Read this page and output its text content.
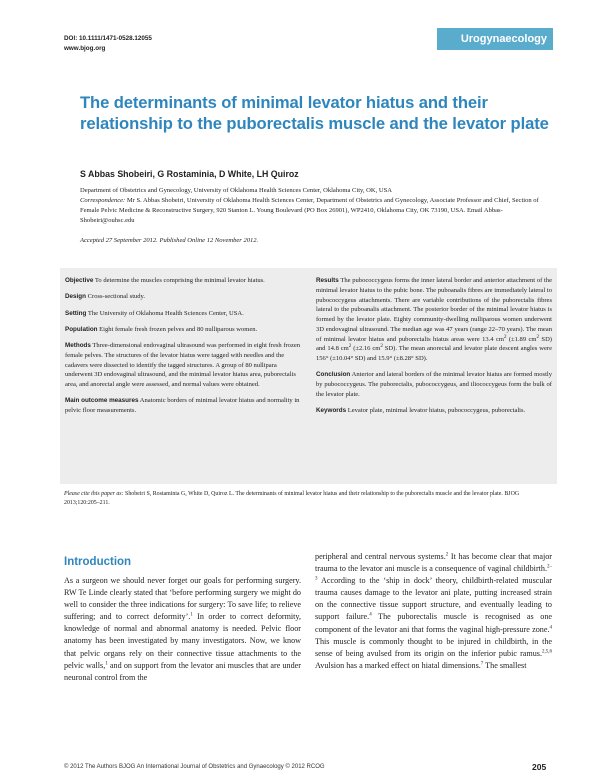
DOI: 10.1111/1471-0528.12055
www.bjog.org
Urogynaecology
The determinants of minimal levator hiatus and their relationship to the puborectalis muscle and the levator plate
S Abbas Shobeiri, G Rostaminia, D White, LH Quiroz
Department of Obstetrics and Gynecology, University of Oklahoma Health Sciences Center, Oklahoma City, OK, USA
Correspondence: Mr S. Abbas Shobeiri, University of Oklahoma Health Sciences Center, Department of Obstetrics and Gynecology, Associate Professor and Chief, Section of Female Pelvic Medicine & Reconstructive Surgery, 920 Stanton L. Young Boulevard (PO Box 26901), WP2410, Oklahoma City, OK 73190, USA. Email Abbas-Shobeiri@ouhsc.edu
Accepted 27 September 2012. Published Online 12 November 2012.

Objective To determine the muscles comprising the minimal levator hiatus.

Design Cross-sectional study.

Setting The University of Oklahoma Health Sciences Center, USA.

Population Eight female fresh frozen pelves and 80 nulliparous women.

Methods Three-dimensional endovaginal ultrasound was performed in eight fresh frozen female pelves. The structures of the levator hiatus were tagged with needles and the cadavers were dissected to identify the tagged structures. A group of 80 nullipara underwent 3D endovaginal ultrasound, and the minimal levator hiatus area, puborectalis area, and anorectal angle were assessed, and normal values were obtained.

Main outcome measures Anatomic borders of minimal levator hiatus and normality in pelvic floor measurements.

Results The pubococcygeus forms the inner lateral border and anterior attachment of the minimal levator hiatus to the pubic bone. The puboanalis fibres are immediately lateral to pubococcygeus attachments. There are variable contributions of the puborectalis fibres lateral to the puboanalis attachment. The posterior border of the minimal levator hiatus is formed by the levator plate. Eighty community-dwelling nulliparous women underwent 3D endovaginal ultrasound. The median age was 47 years (range 22–70 years). The mean of minimal levator hiatus and puborectalis hiatus areas were 13.4 $cm^2$ (±1.89 $cm^2$ SD) and 14.8 $cm^2$ (±2.16 $cm^2$ SD). The mean anorectal and levator plate descent angles were 156° (±10.04° SD) and 15.9° (±8.28° SD).

Conclusion Anterior and lateral borders of the minimal levator hiatus are formed mostly by pubococcygeus. The puborectalis, pubococcygeus, and iliococcygeus form the bulk of the levator plate.

Keywords Levator plate, minimal levator hiatus, pubococcygeus, puborectalis.

Please cite this paper as: Shobeiri S, Rostaminia G, White D, Quiroz L. The determinants of minimal levator hiatus and their relationship to the puborectalis muscle and the levator plate. BJOG 2013;120:205–211.
Introduction
As a surgeon we should never forget our goals for performing surgery. RW Te Linde clearly stated that ‘before performing surgery we might do well to consider the three indications for surgery: To save life; to relieve suffering; and to correct deformity’.$^1$ In order to correct deformity, knowledge of normal and abnormal anatomy is needed. Pelvic floor anatomy has been investigated by many investigators. Now, we know that pelvic organs rely on their connective tissue attachments to the pelvic walls,$^1$ and on support from the levator ani muscles that are under neuronal control from the
peripheral and central nervous systems.$^2$ It has become clear that major trauma to the levator ani muscle is a consequence of vaginal childbirth.$^{2-3}$ According to the ‘ship in dock’ theory, childbirth-related muscular trauma causes damage to the levator ani plate, putting increased strain on the connective tissue support structure, and eventually leading to support failure.$^4$ The puborectalis muscle is recognised as one component of the levator ani that forms the vaginal high-pressure zone.$^4$ This muscle is commonly thought to be injured in childbirth, in the sense of being avulsed from its origin on the inferior pubic ramus.$^{2,5,6}$ Avulsion has a marked effect on hiatal dimensions.$^7$ The smallest
© 2012 The Authors BJOG An International Journal of Obstetrics and Gynaecology © 2012 RCOG	205
